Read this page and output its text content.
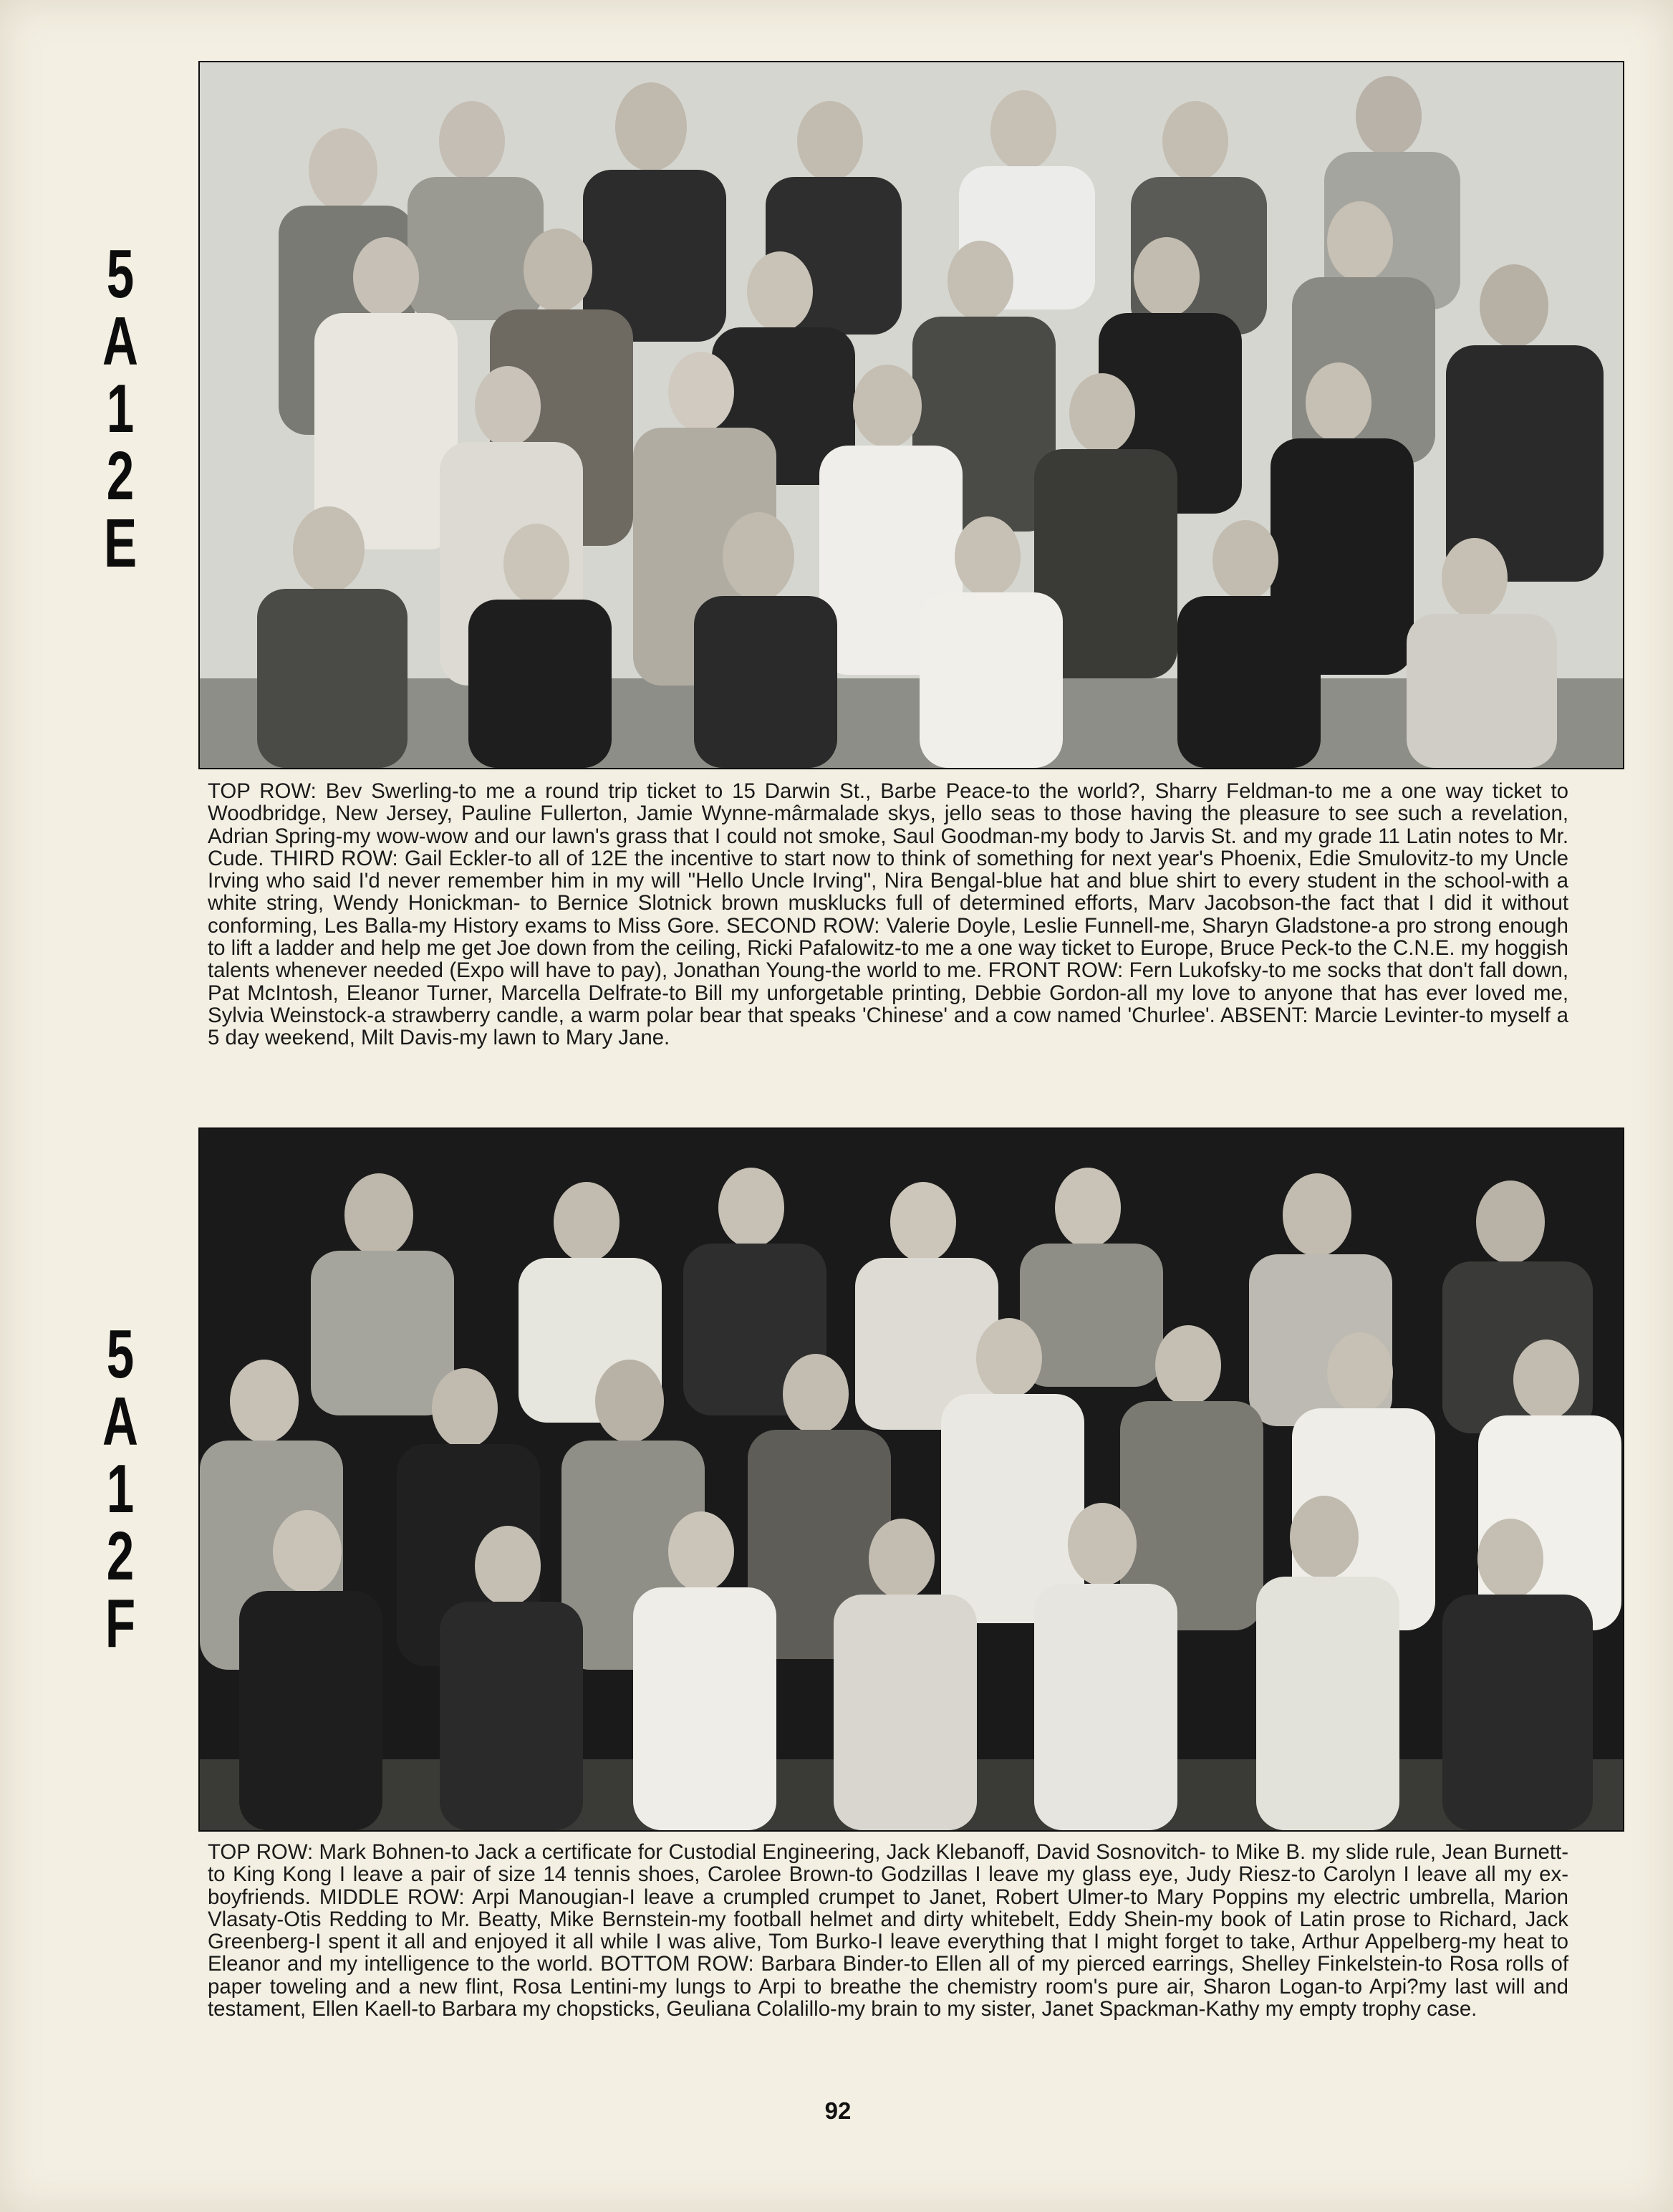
5
A
1
2
E
TOP ROW: Bev Swerling-to me a round trip ticket to 15 Darwin St., Barbe Peace-to the world?, Sharry Feldman-to me a one way ticket to Woodbridge, New Jersey, Pauline Fullerton, Jamie Wynne-mârmalade skys, jello seas to those having the pleasure to see such a revelation, Adrian Spring-my wow-wow and our lawn's grass that I could not smoke, Saul Goodman-my body to Jarvis St. and my grade 11 Latin notes to Mr. Cude. THIRD ROW: Gail Eckler-to all of 12E the incentive to start now to think of something for next year's Phoenix, Edie Smulovitz-to my Uncle Irving who said I'd never remember him in my will "Hello Uncle Irving", Nira Bengal-blue hat and blue shirt to every student in the school-with a white string, Wendy Honickman- to Bernice Slotnick brown musklucks full of determined efforts, Marv Jacobson-the fact that I did it without conforming, Les Balla-my History exams to Miss Gore. SECOND ROW: Valerie Doyle, Leslie Funnell-me, Sharyn Gladstone-a pro strong enough to lift a ladder and help me get Joe down from the ceiling, Ricki Pafalowitz-to me a one way ticket to Europe, Bruce Peck-to the C.N.E. my hoggish talents whenever needed (Expo will have to pay), Jonathan Young-the world to me. FRONT ROW: Fern Lukofsky-to me socks that don't fall down, Pat McIntosh, Eleanor Turner, Marcella Delfrate-to Bill my unforgetable printing, Debbie Gordon-all my love to anyone that has ever loved me, Sylvia Weinstock-a strawberry candle, a warm polar bear that speaks 'Chinese' and a cow named 'Churlee'. ABSENT: Marcie Levinter-to myself a 5 day weekend, Milt Davis-my lawn to Mary Jane.
5
A
1
2
F
TOP ROW: Mark Bohnen-to Jack a certificate for Custodial Engineering, Jack Klebanoff, David Sosnovitch- to Mike B. my slide rule, Jean Burnett-to King Kong I leave a pair of size 14 tennis shoes, Carolee Brown-to Godzillas I leave my glass eye, Judy Riesz-to Carolyn I leave all my ex-boyfriends. MIDDLE ROW: Arpi Manougian-I leave a crumpled crumpet to Janet, Robert Ulmer-to Mary Poppins my electric umbrella, Marion Vlasaty-Otis Redding to Mr. Beatty, Mike Bernstein-my football helmet and dirty whitebelt, Eddy Shein-my book of Latin prose to Richard, Jack Greenberg-I spent it all and enjoyed it all while I was alive, Tom Burko-I leave everything that I might forget to take, Arthur Appelberg-my heat to Eleanor and my intelligence to the world. BOTTOM ROW: Barbara Binder-to Ellen all of my pierced earrings, Shelley Finkelstein-to Rosa rolls of paper toweling and a new flint, Rosa Lentini-my lungs to Arpi to breathe the chemistry room's pure air, Sharon Logan-to Arpi?my last will and testament, Ellen Kaell-to Barbara my chopsticks, Geuliana Colalillo-my brain to my sister, Janet Spackman-Kathy my empty trophy case.
92
